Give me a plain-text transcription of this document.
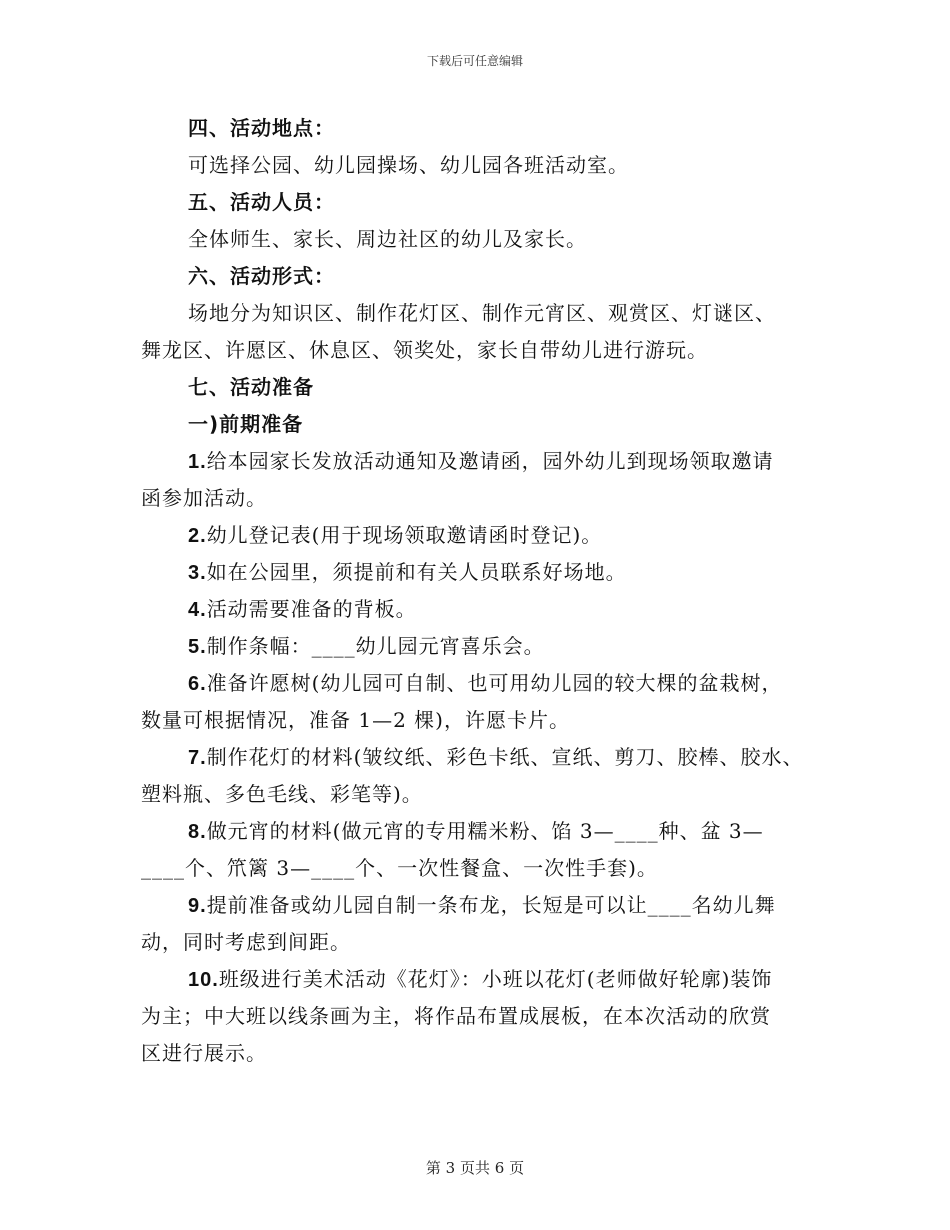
下载后可任意编辑
四、活动地点：
可选择公园、幼儿园操场、幼儿园各班活动室。
五、活动人员：
全体师生、家长、周边社区的幼儿及家长。
六、活动形式：
场地分为知识区、制作花灯区、制作元宵区、观赏区、灯谜区、
舞龙区、许愿区、休息区、领奖处，家长自带幼儿进行游玩。
七、活动准备
一)前期准备
1.给本园家长发放活动通知及邀请函，园外幼儿到现场领取邀请
函参加活动。
2.幼儿登记表(用于现场领取邀请函时登记)。
3.如在公园里，须提前和有关人员联系好场地。
4.活动需要准备的背板。
5.制作条幅：____幼儿园元宵喜乐会。
6.准备许愿树(幼儿园可自制、也可用幼儿园的较大棵的盆栽树，
数量可根据情况，准备 1—2 棵)，许愿卡片。
7.制作花灯的材料(皱纹纸、彩色卡纸、宣纸、剪刀、胶棒、胶水、
塑料瓶、多色毛线、彩笔等)。
8.做元宵的材料(做元宵的专用糯米粉、馅 3—____种、盆 3—
____个、笊篱 3—____个、一次性餐盒、一次性手套)。
9.提前准备或幼儿园自制一条布龙，长短是可以让____名幼儿舞
动，同时考虑到间距。
10.班级进行美术活动《花灯》：小班以花灯(老师做好轮廓)装饰
为主；中大班以线条画为主，将作品布置成展板，在本次活动的欣赏
区进行展示。
第 3 页共 6 页
